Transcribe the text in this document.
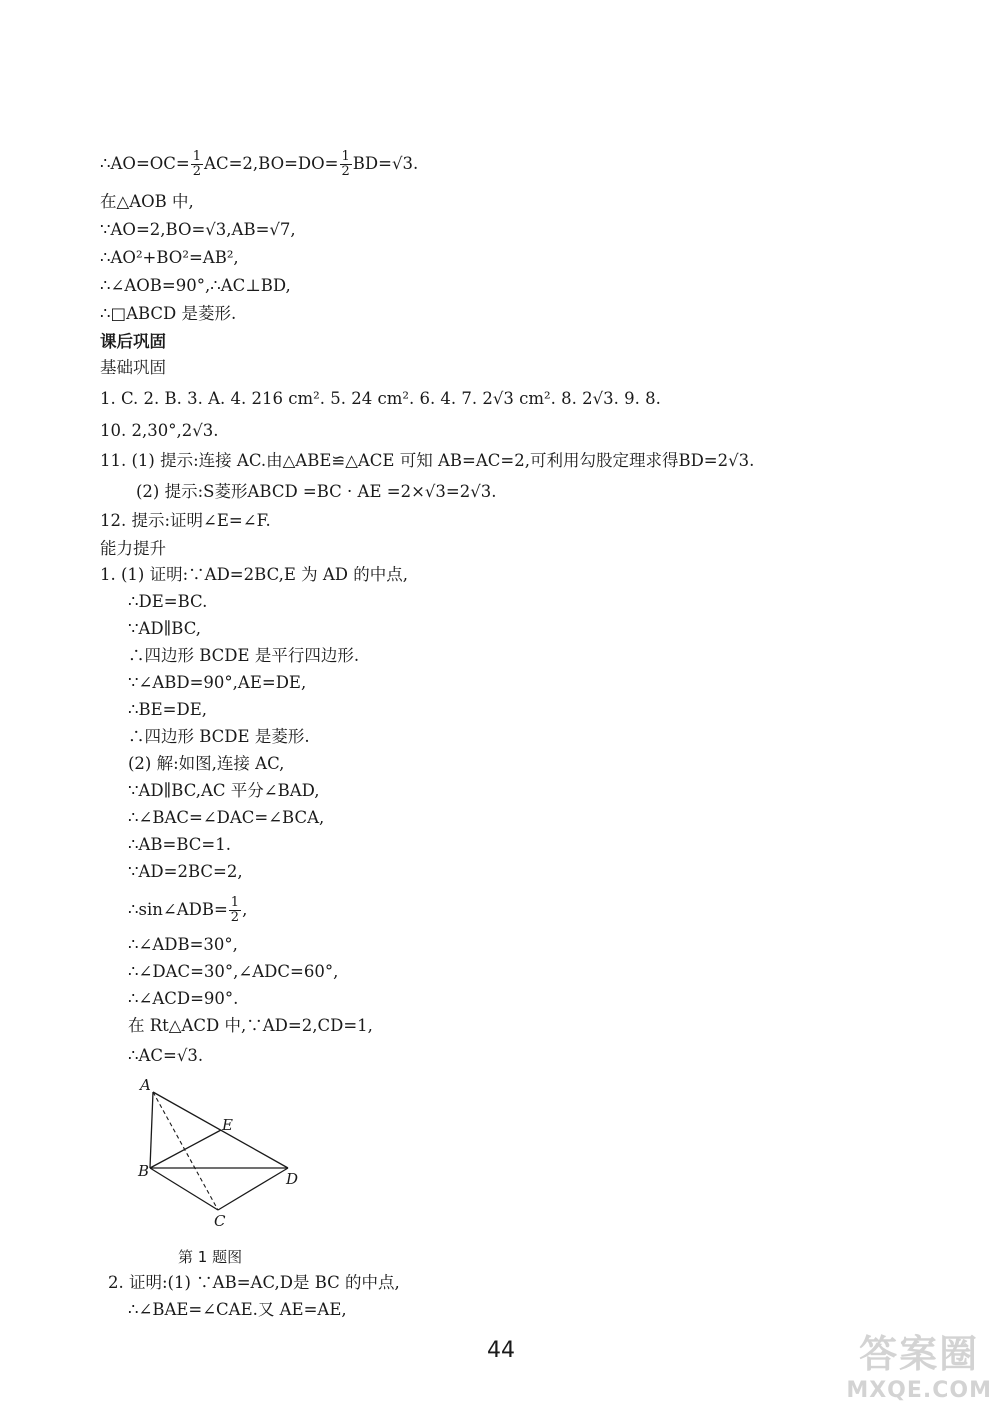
∴AO=OC= $\frac{1}{2} AC=2,BO=DO= \frac{1}{2} BD=√3$.
在△AOB 中,
∵AO=2,BO=√3,AB=√7,
∴AO²+BO²=AB²,
∴∠AOB=90°,∴AC⊥BD,
∴□ABCD 是菱形.
课后巩固
基础巩固
1. C. 2. B. 3. A. 4. 216 cm². 5. 24 cm². 6. 4. 7. 2√3 cm². 8. 2√3. 9. 8.
10. 2,30°,2√3.
11. (1) 提示:连接 AC.由△ABE≌△ACE 可知 AB=AC=2,可利用勾股定理求得BD=2√3.
(2) 提示:S菱形ABCD =BC · AE =2×√3=2√3.
12. 提示:证明∠E=∠F.
能力提升
1. (1) 证明:∵AD=2BC,E 为 AD 的中点,
∴DE=BC.
∵AD∥BC,
∴四边形 BCDE 是平行四边形.
∵∠ABD=90°,AE=DE,
∴BE=DE,
∴四边形 BCDE 是菱形.
(2) 解:如图,连接 AC,
∵AD∥BC,AC 平分∠BAD,
∴∠BAC=∠DAC=∠BCA,
∴AB=BC=1.
∵AD=2BC=2,
∴sin∠ADB= $\frac{1}{2}$ ,
∴∠ADB=30°,
∴∠DAC=30°,∠ADC=60°,
∴∠ACD=90°.
在 Rt△ACD 中,∵AD=2,CD=1,
∴AC=√3.
A
E
B	D
C
第 1 题图
2. 证明:(1) ∵AB=AC,D是 BC 的中点,
∴∠BAE=∠CAE.又 AE=AE,
44	答案圈
MXQE.COM
